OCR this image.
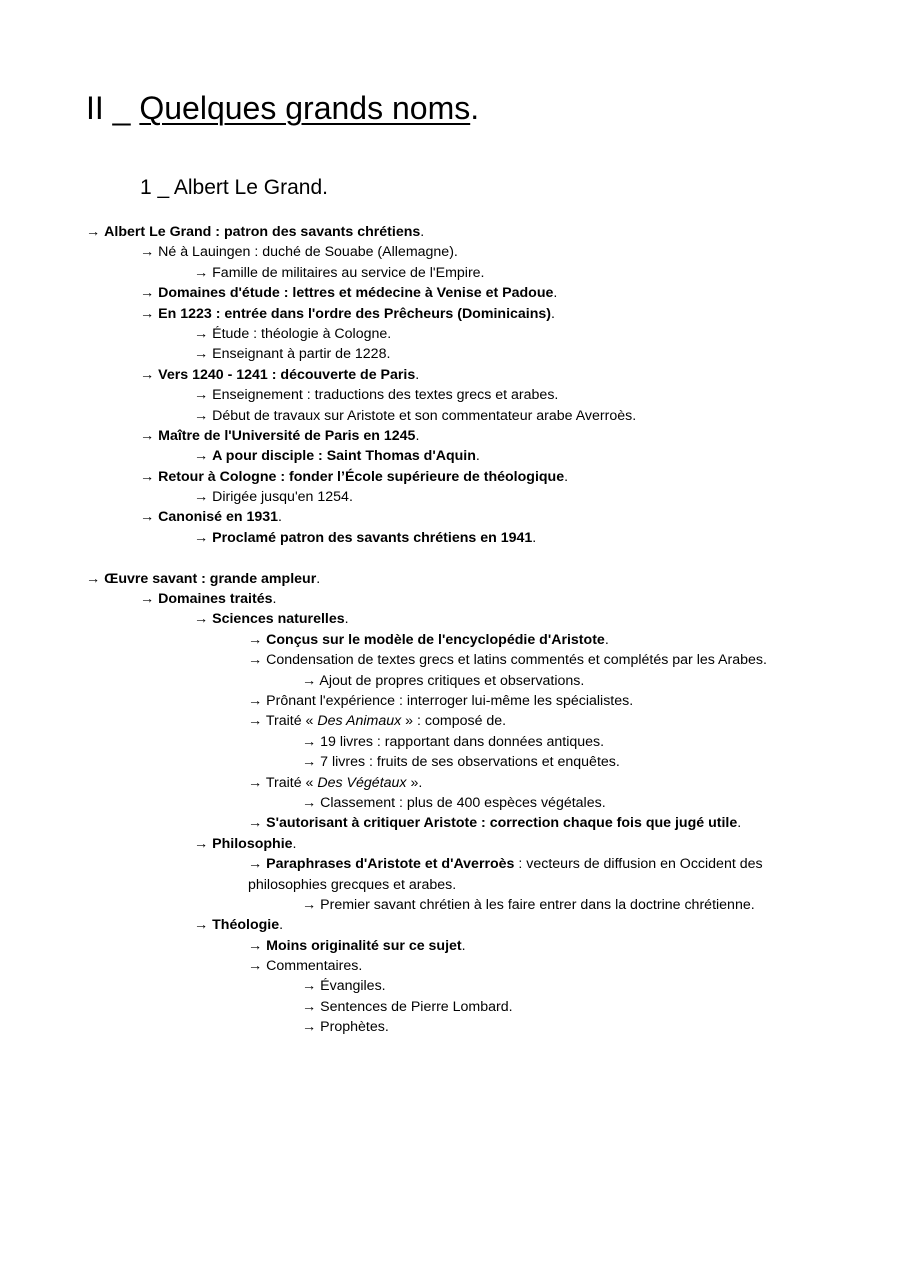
II _ Quelques grands noms.
1 _ Albert Le Grand.
→ Albert Le Grand : patron des savants chrétiens.
→ Né à Lauingen : duché de Souabe (Allemagne).
→ Famille de militaires au service de l'Empire.
→ Domaines d'étude : lettres et médecine à Venise et Padoue.
→ En 1223 : entrée dans l'ordre des Prêcheurs (Dominicains).
→ Étude : théologie à Cologne.
→ Enseignant à partir de 1228.
→ Vers 1240 - 1241 : découverte de Paris.
→ Enseignement : traductions des textes grecs et arabes.
→ Début de travaux sur Aristote et son commentateur arabe Averroès.
→ Maître de l'Université de Paris en 1245.
→ A pour disciple : Saint Thomas d'Aquin.
→ Retour à Cologne : fonder l’École supérieure de théologique.
→ Dirigée jusqu'en 1254.
→ Canonisé en 1931.
→ Proclamé patron des savants chrétiens en 1941.
→ Œuvre savant : grande ampleur.
→ Domaines traités.
→ Sciences naturelles.
→ Conçus sur le modèle de l'encyclopédie d'Aristote.
→ Condensation de textes grecs et latins commentés et complétés par les Arabes.
→ Ajout de propres critiques et observations.
→ Prônant l'expérience : interroger lui-même les spécialistes.
→ Traité « Des Animaux » : composé de.
→ 19 livres : rapportant dans données antiques.
→ 7 livres : fruits de ses observations et enquêtes.
→ Traité « Des Végétaux ».
→ Classement : plus de 400 espèces végétales.
→ S'autorisant à critiquer Aristote : correction chaque fois que jugé utile.
→ Philosophie.
→ Paraphrases d'Aristote et d'Averroès : vecteurs de diffusion en Occident des
philosophies grecques et arabes.
→ Premier savant chrétien à les faire entrer dans la doctrine chrétienne.
→ Théologie.
→ Moins originalité sur ce sujet.
→ Commentaires.
→ Évangiles.
→ Sentences de Pierre Lombard.
→ Prophètes.
